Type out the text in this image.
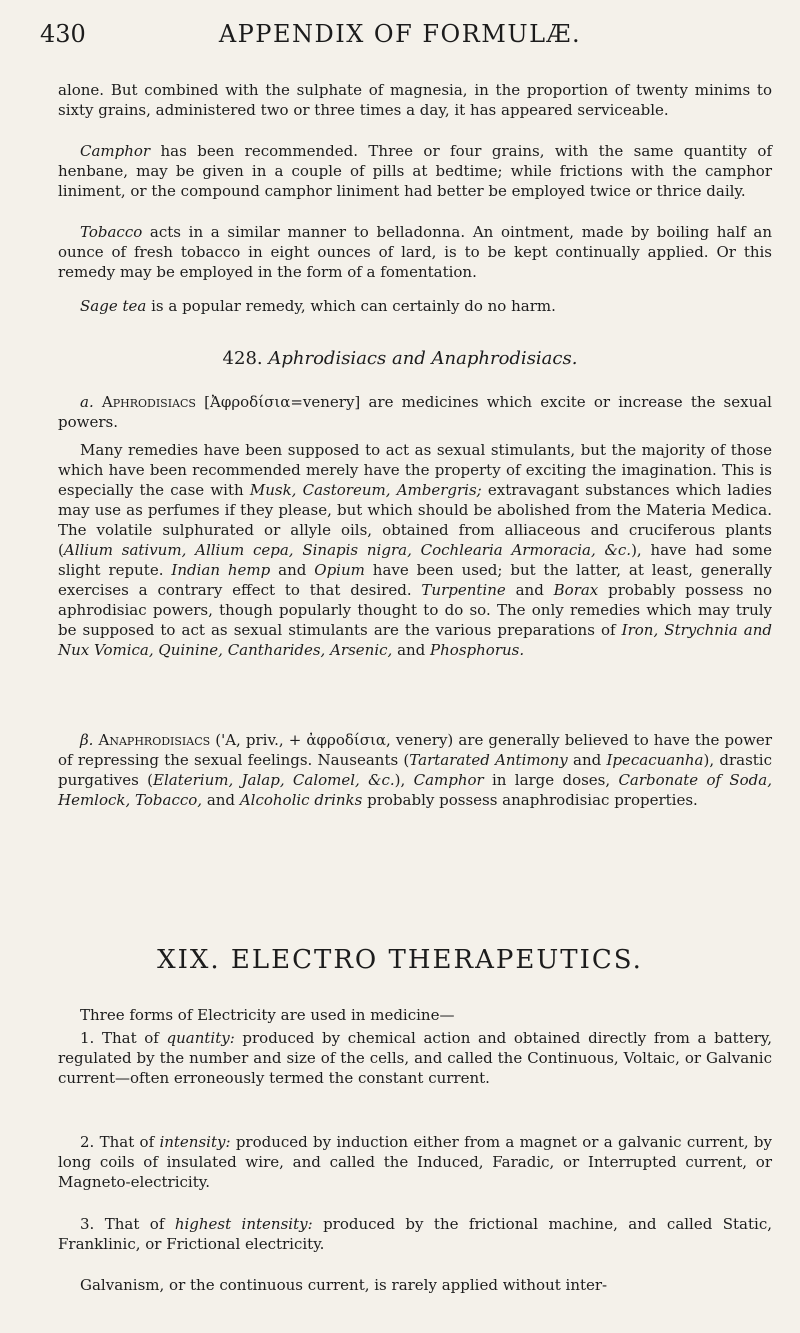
430	APPENDIX OF FORMULÆ.

alone. But combined with the sulphate of magnesia, in the proportion of twenty minims to sixty grains, administered two or three times a day, it has appeared serviceable.

Camphor has been recommended. Three or four grains, with the same quantity of henbane, may be given in a couple of pills at bedtime; while frictions with the camphor liniment, or the compound camphor liniment had better be employed twice or thrice daily.

Tobacco acts in a similar manner to belladonna. An ointment, made by boiling half an ounce of fresh tobacco in eight ounces of lard, is to be kept continually applied. Or this remedy may be employed in the form of a fomentation.

Sage tea is a popular remedy, which can certainly do no harm.

428. Aphrodisiacs and Anaphrodisiacs.

a. Aphrodisiacs [Ἀφροδίσια=venery] are medicines which excite or increase the sexual powers.

Many remedies have been supposed to act as sexual stimulants, but the majority of those which have been recommended merely have the property of exciting the imagination. This is especially the case with Musk, Castoreum, Ambergris; extravagant substances which ladies may use as perfumes if they please, but which should be abolished from the Materia Medica. The volatile sulphurated or allyle oils, obtained from alliaceous and cruciferous plants (Allium sativum, Allium cepa, Sinapis nigra, Cochlearia Armoracia, &c.), have had some slight repute. Indian hemp and Opium have been used; but the latter, at least, generally exercises a contrary effect to that desired. Turpentine and Borax probably possess no aphrodisiac powers, though popularly thought to do so. The only remedies which may truly be supposed to act as sexual stimulants are the various preparations of Iron, Strychnia and Nux Vomica, Quinine, Cantharides, Arsenic, and Phosphorus.

β. Anaphrodisiacs ('A, priv., + ἀφροδίσια, venery) are generally believed to have the power of repressing the sexual feelings. Nauseants (Tartarated Antimony and Ipecacuanha), drastic purgatives (Elaterium, Jalap, Calomel, &c.), Camphor in large doses, Carbonate of Soda, Hemlock, Tobacco, and Alcoholic drinks probably possess anaphrodisiac properties.

XIX. ELECTRO THERAPEUTICS.

Three forms of Electricity are used in medicine—

1. That of quantity: produced by chemical action and obtained directly from a battery, regulated by the number and size of the cells, and called the Continuous, Voltaic, or Galvanic current—often erroneously termed the constant current.

2. That of intensity: produced by induction either from a magnet or a galvanic current, by long coils of insulated wire, and called the Induced, Faradic, or Interrupted current, or Magneto-electricity.

3. That of highest intensity: produced by the frictional machine, and called Static, Franklinic, or Frictional electricity.

Galvanism, or the continuous current, is rarely applied without inter-
